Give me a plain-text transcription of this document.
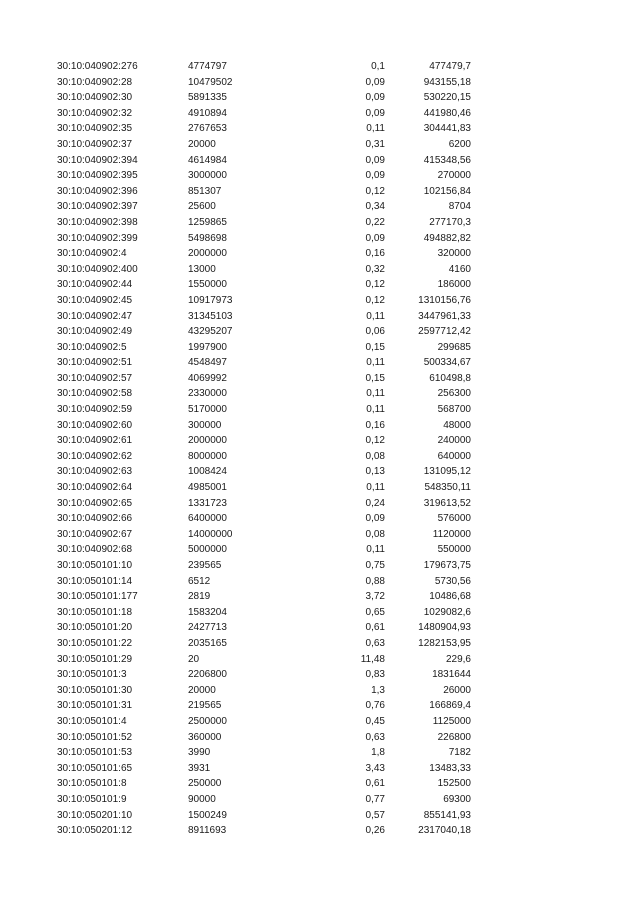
30:10:040902:276	4774797	0,1	477479,7
30:10:040902:28	10479502	0,09	943155,18
30:10:040902:30	5891335	0,09	530220,15
30:10:040902:32	4910894	0,09	441980,46
30:10:040902:35	2767653	0,11	304441,83
30:10:040902:37	20000	0,31	6200
30:10:040902:394	4614984	0,09	415348,56
30:10:040902:395	3000000	0,09	270000
30:10:040902:396	851307	0,12	102156,84
30:10:040902:397	25600	0,34	8704
30:10:040902:398	1259865	0,22	277170,3
30:10:040902:399	5498698	0,09	494882,82
30:10:040902:4	2000000	0,16	320000
30:10:040902:400	13000	0,32	4160
30:10:040902:44	1550000	0,12	186000
30:10:040902:45	10917973	0,12	1310156,76
30:10:040902:47	31345103	0,11	3447961,33
30:10:040902:49	43295207	0,06	2597712,42
30:10:040902:5	1997900	0,15	299685
30:10:040902:51	4548497	0,11	500334,67
30:10:040902:57	4069992	0,15	610498,8
30:10:040902:58	2330000	0,11	256300
30:10:040902:59	5170000	0,11	568700
30:10:040902:60	300000	0,16	48000
30:10:040902:61	2000000	0,12	240000
30:10:040902:62	8000000	0,08	640000
30:10:040902:63	1008424	0,13	131095,12
30:10:040902:64	4985001	0,11	548350,11
30:10:040902:65	1331723	0,24	319613,52
30:10:040902:66	6400000	0,09	576000
30:10:040902:67	14000000	0,08	1120000
30:10:040902:68	5000000	0,11	550000
30:10:050101:10	239565	0,75	179673,75
30:10:050101:14	6512	0,88	5730,56
30:10:050101:177	2819	3,72	10486,68
30:10:050101:18	1583204	0,65	1029082,6
30:10:050101:20	2427713	0,61	1480904,93
30:10:050101:22	2035165	0,63	1282153,95
30:10:050101:29	20	11,48	229,6
30:10:050101:3	2206800	0,83	1831644
30:10:050101:30	20000	1,3	26000
30:10:050101:31	219565	0,76	166869,4
30:10:050101:4	2500000	0,45	1125000
30:10:050101:52	360000	0,63	226800
30:10:050101:53	3990	1,8	7182
30:10:050101:65	3931	3,43	13483,33
30:10:050101:8	250000	0,61	152500
30:10:050101:9	90000	0,77	69300
30:10:050201:10	1500249	0,57	855141,93
30:10:050201:12	8911693	0,26	2317040,18
